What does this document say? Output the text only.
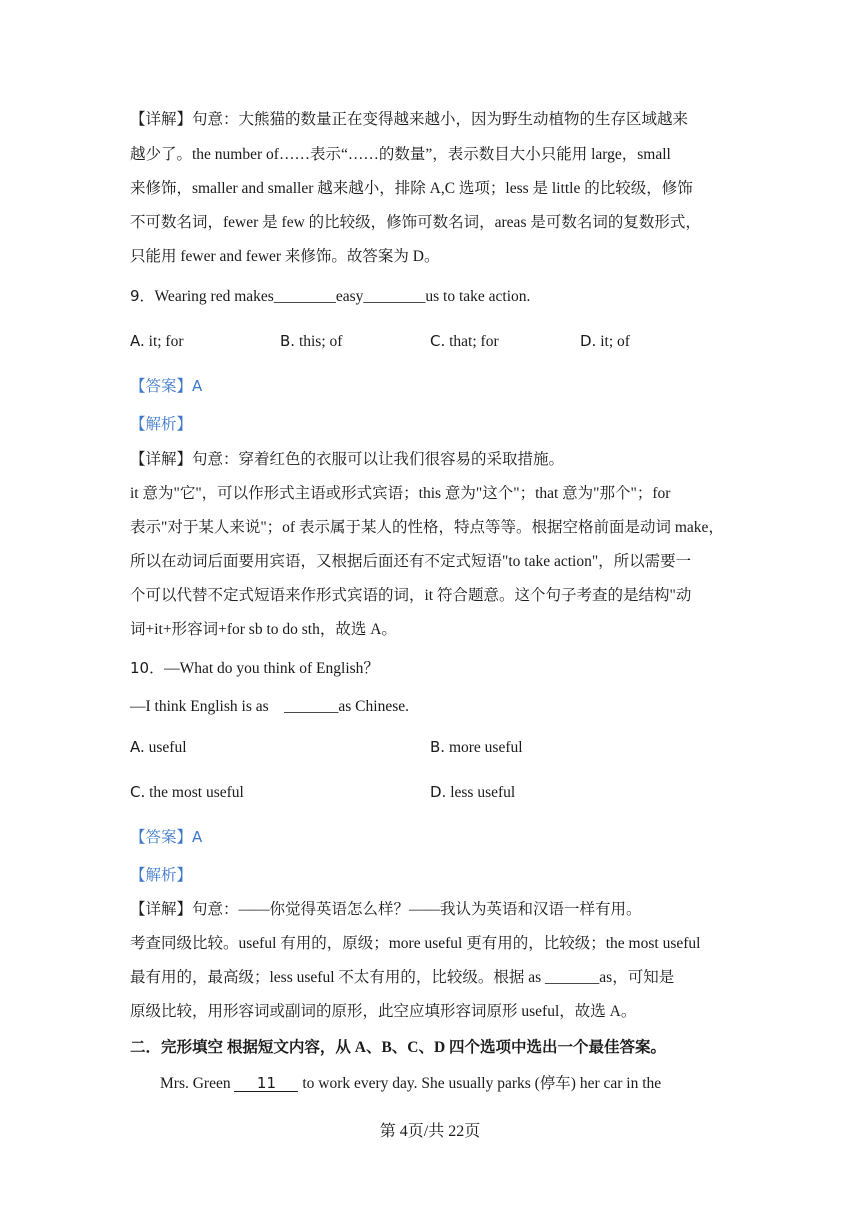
【详解】句意：大熊猫的数量正在变得越来越小，因为野生动植物的生存区域越来
越少了。the number of……表示“……的数量”，表示数目大小只能用 large，small
来修饰，smaller and smaller 越来越小，排除 A,C 选项；less 是 little 的比较级，修饰
不可数名词，fewer 是 few 的比较级，修饰可数名词，areas 是可数名词的复数形式，
只能用 fewer and fewer 来修饰。故答案为 D。
9．Wearing red makes________easy________us to take action.
A. it; for	B. this; of	C. that; for	D. it; of
【答案】A
【解析】
【详解】句意：穿着红色的衣服可以让我们很容易的采取措施。
it 意为"它"，可以作形式主语或形式宾语；this 意为"这个"；that 意为"那个"；for
表示"对于某人来说"；of 表示属于某人的性格，特点等等。根据空格前面是动词 make，
所以在动词后面要用宾语，又根据后面还有不定式短语"to take action"，所以需要一
个可以代替不定式短语来作形式宾语的词，it 符合题意。这个句子考查的是结构"动
词+it+形容词+for sb to do sth，故选 A。
10．—What do you think of English？
—I think English is as _______as Chinese.
A. useful	B. more useful
C. the most useful	D. less useful
【答案】A
【解析】
【详解】句意：——你觉得英语怎么样？——我认为英语和汉语一样有用。
考查同级比较。useful 有用的，原级；more useful 更有用的，比较级；the most useful
最有用的，最高级；less useful 不太有用的，比较级。根据 as _______as，可知是
原级比较，用形容词或副词的原形，此空应填形容词原形 useful，故选 A。
二．完形填空 根据短文内容，从 A、B、C、D 四个选项中选出一个最佳答案。
Mrs. Green 11 to work every day. She usually parks (停车) her car in the
第 4页/共 22页
